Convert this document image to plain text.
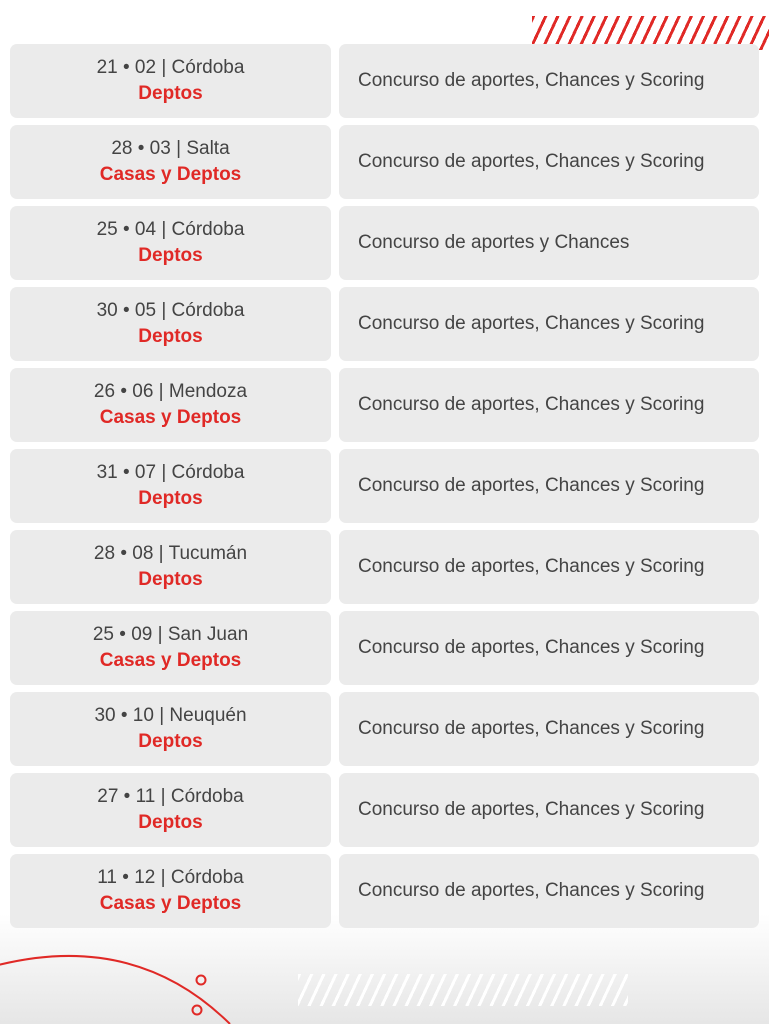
21 • 02 | Córdoba
Deptos
Concurso de aportes, Chances y Scoring
28 • 03 | Salta
Casas y Deptos
Concurso de aportes, Chances y Scoring
25 • 04 | Córdoba
Deptos
Concurso de aportes y Chances
30 • 05 | Córdoba
Deptos
Concurso de aportes, Chances y Scoring
26 • 06 | Mendoza
Casas y Deptos
Concurso de aportes, Chances y Scoring
31 • 07 | Córdoba
Deptos
Concurso de aportes, Chances y Scoring
28 • 08 | Tucumán
Deptos
Concurso de aportes, Chances y Scoring
25 • 09 | San Juan
Casas y Deptos
Concurso de aportes, Chances y Scoring
30 • 10 | Neuquén
Deptos
Concurso de aportes, Chances y Scoring
27 • 11 | Córdoba
Deptos
Concurso de aportes, Chances y Scoring
11 • 12 | Córdoba
Casas y Deptos
Concurso de aportes, Chances y Scoring
